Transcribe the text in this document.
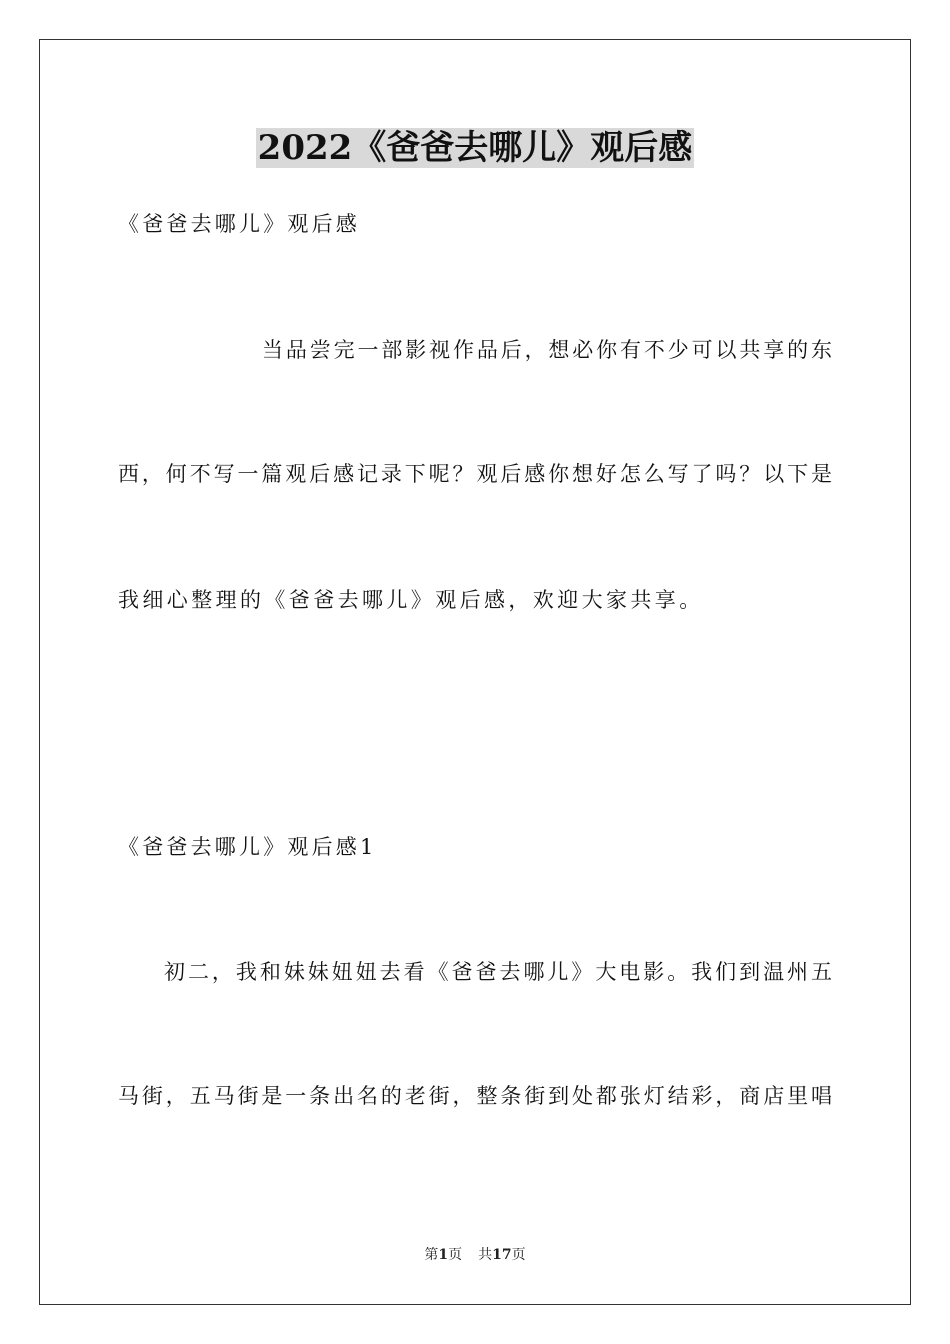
2022《爸爸去哪儿》观后感
《爸爸去哪儿》观后感
当品尝完一部影视作品后，想必你有不少可以共享的东
西，何不写一篇观后感记录下呢？观后感你想好怎么写了吗？以下是
我细心整理的《爸爸去哪儿》观后感，欢迎大家共享。
《爸爸去哪儿》观后感1
初二，我和妹妹妞妞去看《爸爸去哪儿》大电影。我们到温州五
马街，五马街是一条出名的老街，整条街到处都张灯结彩，商店里唱
第1页 共17页
